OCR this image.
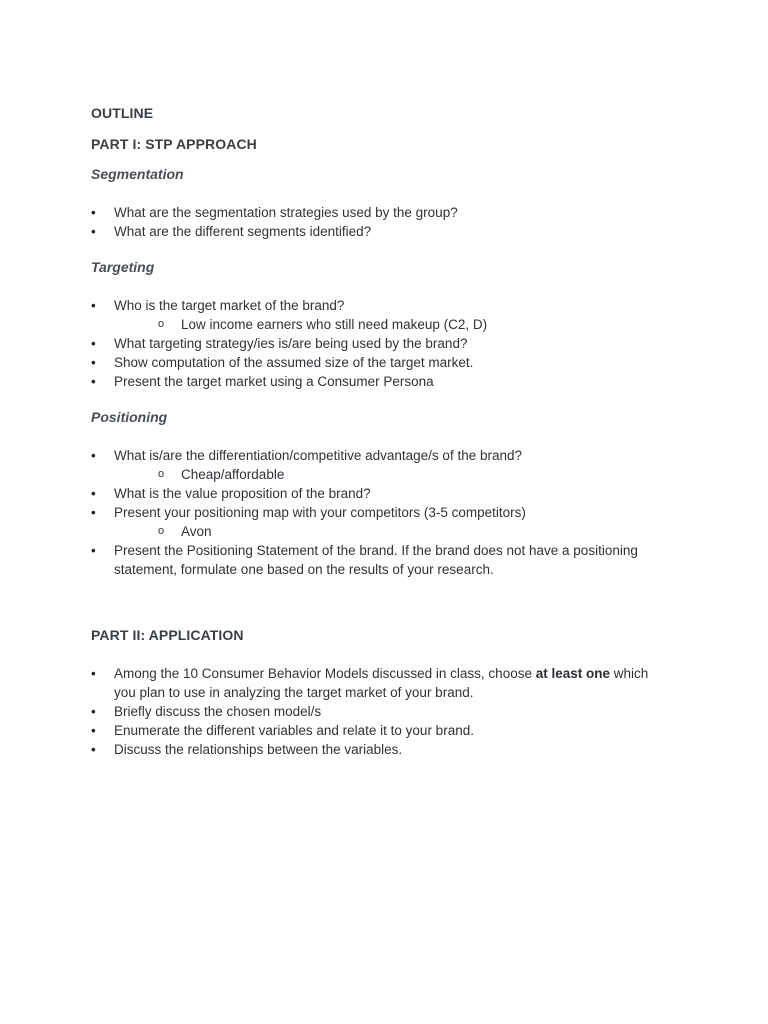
OUTLINE
PART I: STP APPROACH
Segmentation
•	What are the segmentation strategies used by the group?
•	What are the different segments identified?
Targeting
•	Who is the target market of the brand?
o Low income earners who still need makeup (C2, D)
•	What targeting strategy/ies is/are being used by the brand?
•	Show computation of the assumed size of the target market.
•	Present the target market using a Consumer Persona
Positioning
•	What is/are the differentiation/competitive advantage/s of the brand?
o Cheap/affordable
•	What is the value proposition of the brand?
•	Present your positioning map with your competitors (3-5 competitors)
o Avon
•	Present the Positioning Statement of the brand. If the brand does not have a positioning
statement, formulate one based on the results of your research.
PART II: APPLICATION
•	Among the 10 Consumer Behavior Models discussed in class, choose at least one which
you plan to use in analyzing the target market of your brand.
•	Briefly discuss the chosen model/s
•	Enumerate the different variables and relate it to your brand.
•	Discuss the relationships between the variables.
